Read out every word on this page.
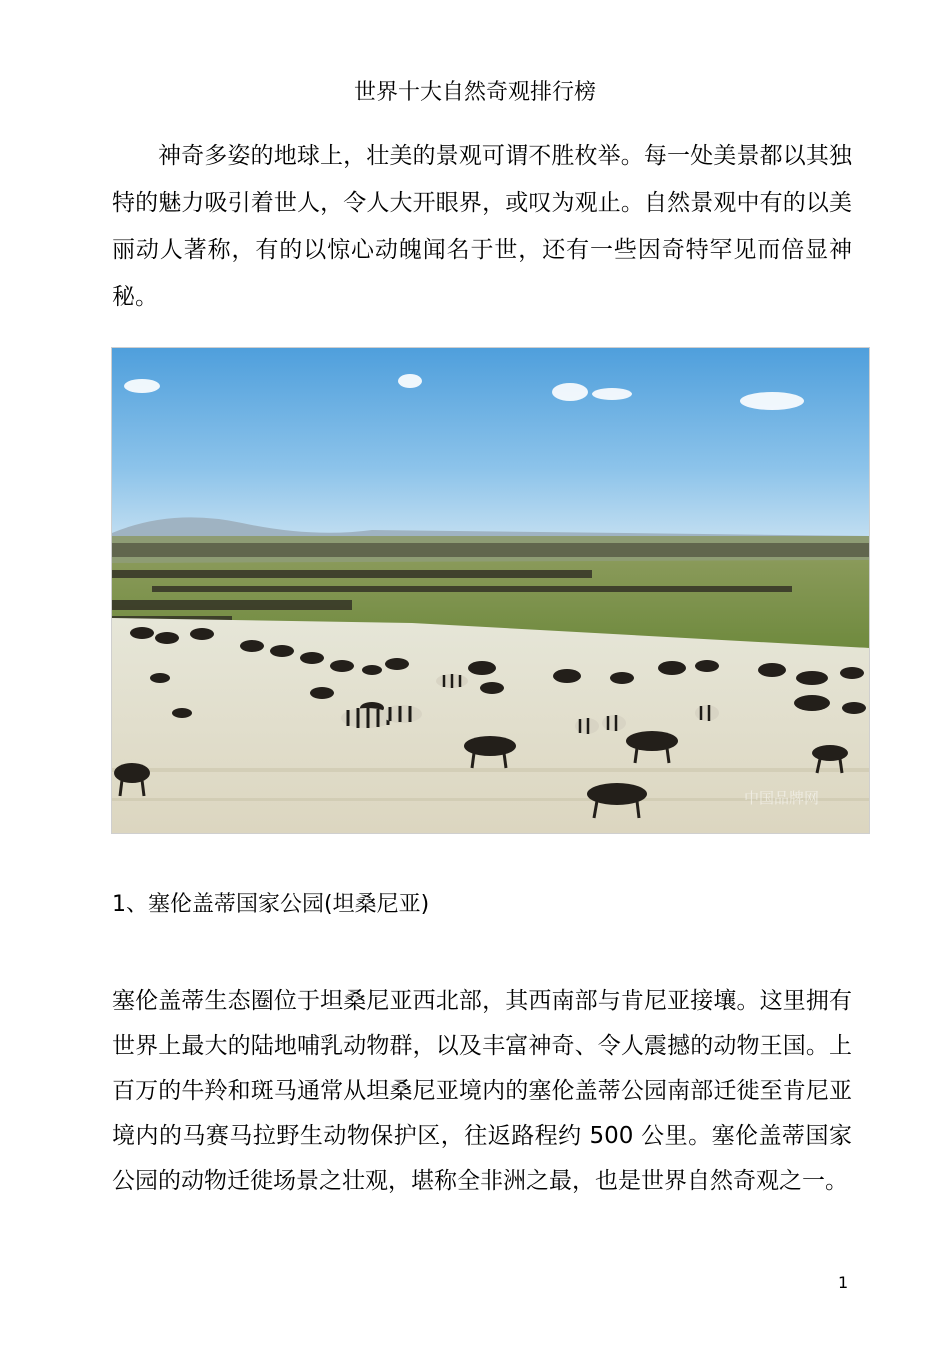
世界十大自然奇观排行榜

神奇多姿的地球上，壮美的景观可谓不胜枚举。每一处美景都以其独特的魅力吸引着世人，令人大开眼界，或叹为观止。自然景观中有的以美丽动人著称，有的以惊心动魄闻名于世，还有一些因奇特罕见而倍显神秘。

中国品牌网
1、塞伦盖蒂国家公园(坦桑尼亚)

塞伦盖蒂生态圈位于坦桑尼亚西北部，其西南部与肯尼亚接壤。这里拥有世界上最大的陆地哺乳动物群，以及丰富神奇、令人震撼的动物王国。上百万的牛羚和斑马通常从坦桑尼亚境内的塞伦盖蒂公园南部迁徙至肯尼亚境内的马赛马拉野生动物保护区，往返路程约 500 公里。塞伦盖蒂国家公园的动物迁徙场景之壮观，堪称全非洲之最，也是世界自然奇观之一。

1
